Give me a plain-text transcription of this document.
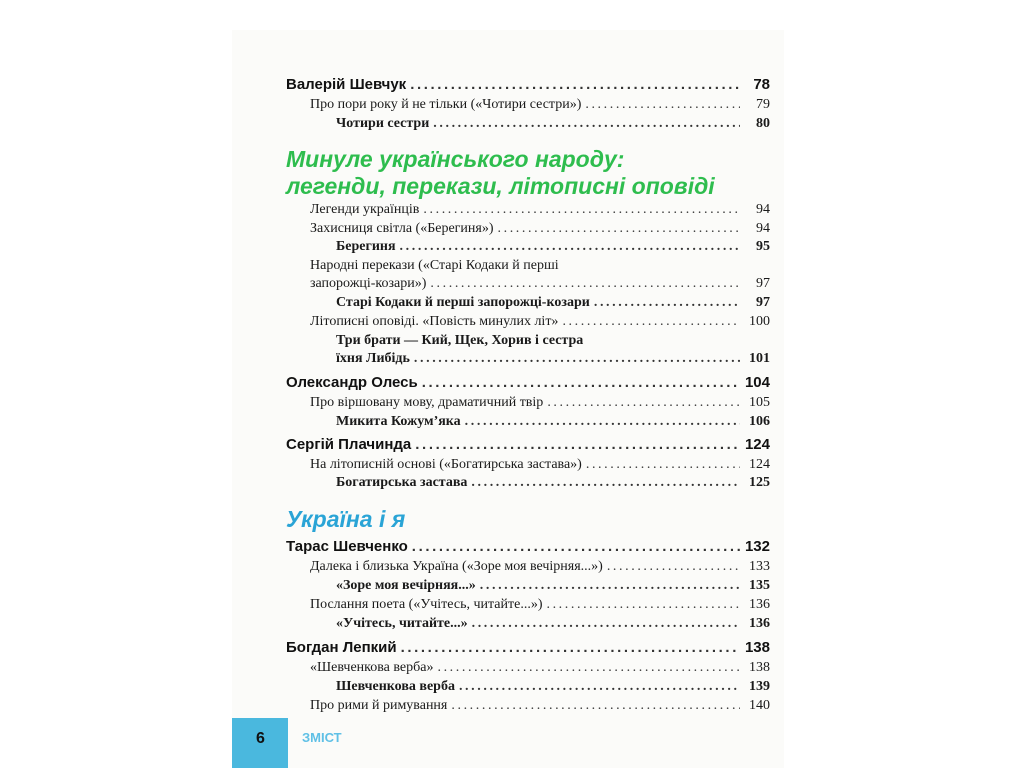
Валерій Шевчук .....	78
Про пори року й не тільки («Чотири сестри») .....	79
Чотири сестри .....	80
Минуле українського народу:
легенди, перекази, літописні оповіді
Легенди українців .....	94
Захисниця світла («Берегиня») .....	94
Берегиня .....	95
Народні перекази («Старі Кодаки й перші
запорожці-козари») .....	97
Старі Кодаки й перші запорожці-козари .....	97
Літописні оповіді. «Повість минулих літ» .....	100
Три брати — Кий, Щек, Хорив і сестра
їхня Либідь .....	101
Олександр Олесь .....	104
Про віршовану мову, драматичний твір .....	105
Микита Кожум’яка .....	106
Сергій Плачинда .....	124
На літописній основі («Богатирська застава») .....	124
Богатирська застава .....	125
Україна і я
Тарас Шевченко .....	132
Далека і близька Україна («Зоре моя вечірняя...») .....	133
«Зоре моя вечірняя...» .....	135
Послання поета («Учітесь, читайте...») .....	136
«Учітесь, читайте...» .....	136
Богдан Лепкий .....	138
«Шевченкова верба» .....	138
Шевченкова верба .....	139
Про рими й римування .....	140
6	ЗМІСТ
